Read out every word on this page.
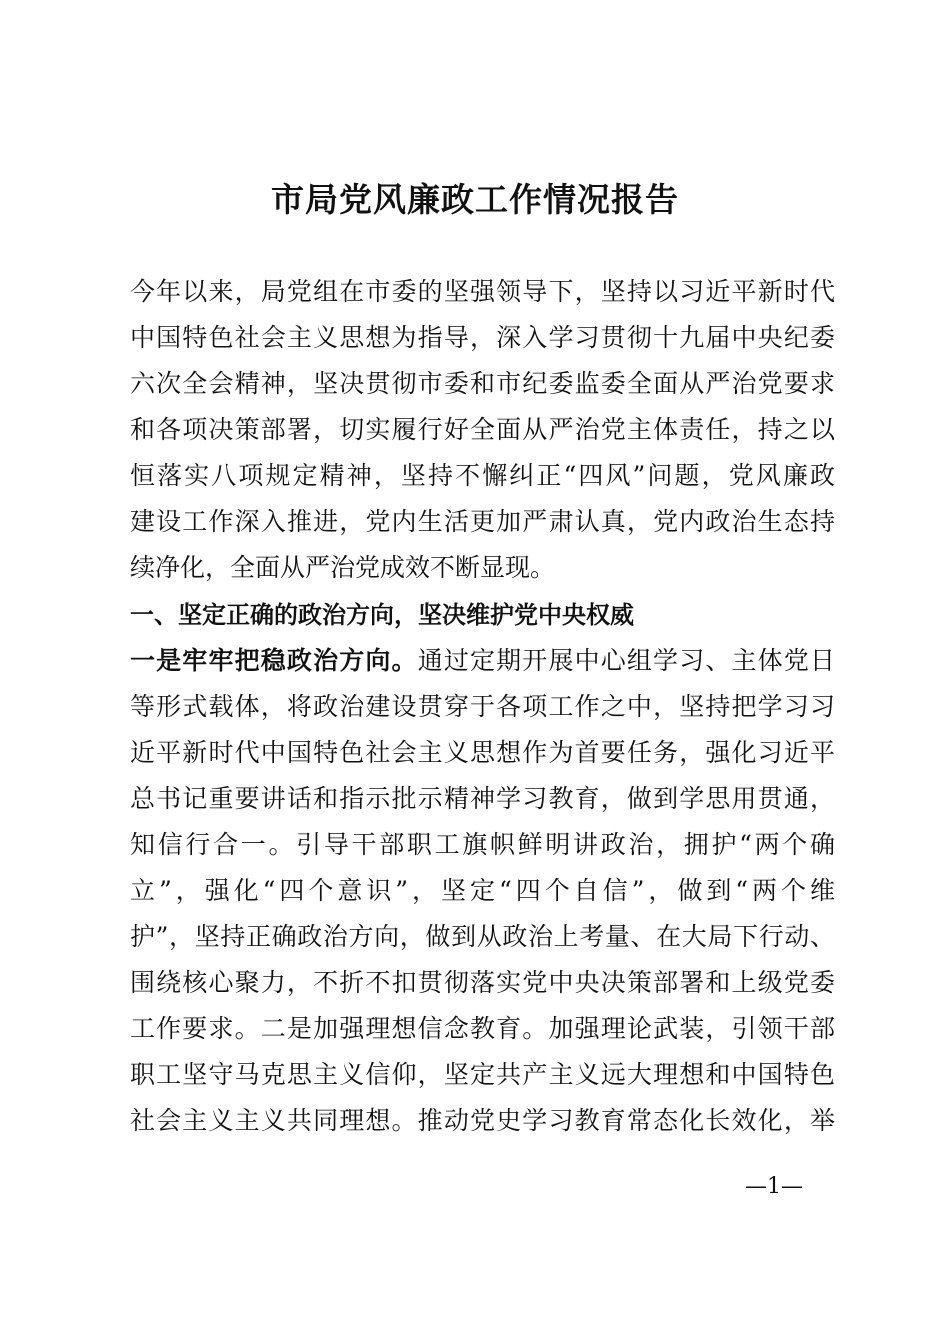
市局党风廉政工作情况报告
今年以来，局党组在市委的坚强领导下，坚持以习近平新时代
中国特色社会主义思想为指导，深入学习贯彻十九届中央纪委
六次全会精神，坚决贯彻市委和市纪委监委全面从严治党要求
和各项决策部署，切实履行好全面从严治党主体责任，持之以
恒落实八项规定精神，坚持不懈纠正“四风”问题，党风廉政
建设工作深入推进，党内生活更加严肃认真，党内政治生态持
续净化，全面从严治党成效不断显现。
一、坚定正确的政治方向，坚决维护党中央权威
一是牢牢把稳政治方向。通过定期开展中心组学习、主体党日
等形式载体，将政治建设贯穿于各项工作之中，坚持把学习习
近平新时代中国特色社会主义思想作为首要任务，强化习近平
总书记重要讲话和指示批示精神学习教育，做到学思用贯通，
知信行合一。引导干部职工旗帜鲜明讲政治，拥护“两个确
立”，强化“四个意识”，坚定“四个自信”，做到“两个维
护”，坚持正确政治方向，做到从政治上考量、在大局下行动、
围绕核心聚力，不折不扣贯彻落实党中央决策部署和上级党委
工作要求。二是加强理想信念教育。加强理论武装，引领干部
职工坚守马克思主义信仰，坚定共产主义远大理想和中国特色
社会主义主义共同理想。推动党史学习教育常态化长效化，举
—1—
